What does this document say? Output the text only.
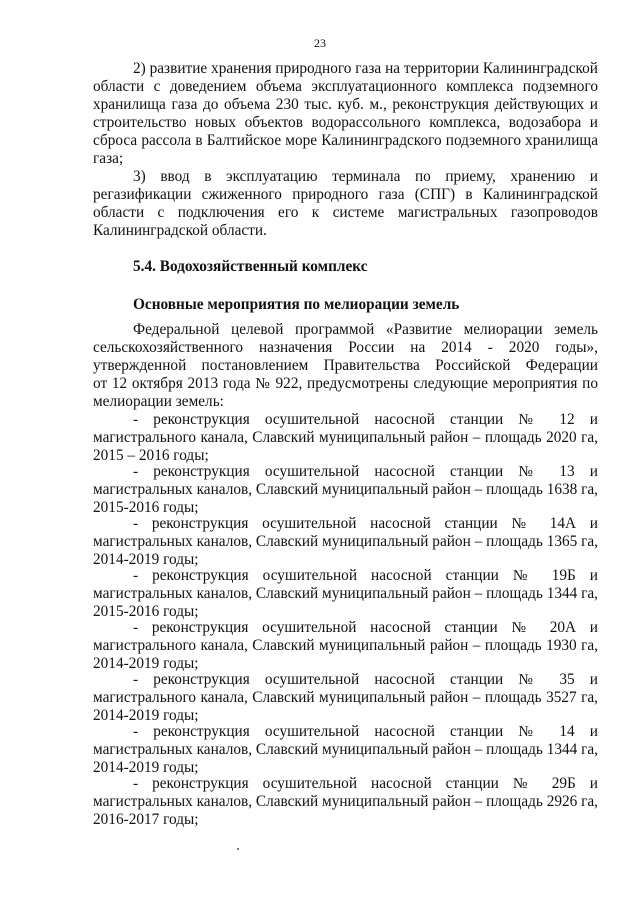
23
2) развитие хранения природного газа на территории Калининградской
области с доведением объема эксплуатационного комплекса подземного
хранилища газа до объема 230 тыс. куб. м., реконструкция действующих и
строительство новых объектов водорассольного комплекса, водозабора и
сброса рассола в Балтийское море Калининградского подземного хранилища
газа;
3) ввод в эксплуатацию терминала по приему, хранению и
регазификации сжиженного природного газа (СПГ) в Калининградской
области с подключения его к системе магистральных газопроводов
Калининградской области.
5.4. Водохозяйственный комплекс
Основные мероприятия по мелиорации земель
Федеральной целевой программой «Развитие мелиорации земель
сельскохозяйственного назначения России на 2014 - 2020 годы»,
утвержденной постановлением Правительства Российской Федерации
от 12 октября 2013 года № 922, предусмотрены следующие мероприятия по
мелиорации земель:
- реконструкция осушительной насосной станции № 12 и
магистрального канала, Славский муниципальный район – площадь 2020 га,
2015 – 2016 годы;
- реконструкция осушительной насосной станции № 13 и
магистральных каналов, Славский муниципальный район – площадь 1638 га,
2015-2016 годы;
- реконструкция осушительной насосной станции № 14А и
магистральных каналов, Славский муниципальный район – площадь 1365 га,
2014-2019 годы;
- реконструкция осушительной насосной станции № 19Б и
магистральных каналов, Славский муниципальный район – площадь 1344 га,
2015-2016 годы;
- реконструкция осушительной насосной станции № 20А и
магистрального канала, Славский муниципальный район – площадь 1930 га,
2014-2019 годы;
- реконструкция осушительной насосной станции № 35 и
магистрального канала, Славский муниципальный район – площадь 3527 га,
2014-2019 годы;
- реконструкция осушительной насосной станции № 14 и
магистральных каналов, Славский муниципальный район – площадь 1344 га,
2014-2019 годы;
- реконструкция осушительной насосной станции № 29Б и
магистральных каналов, Славский муниципальный район – площадь 2926 га,
2016-2017 годы;
